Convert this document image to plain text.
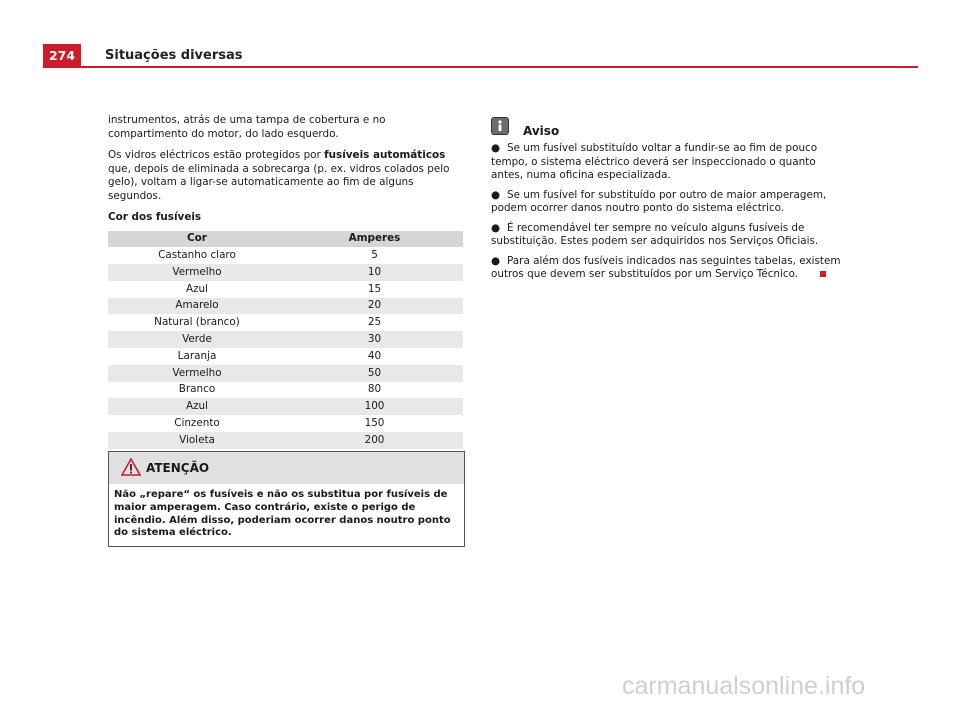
274	Situações diversas

instrumentos, atrás de uma tampa de cobertura e no compartimento do motor, do lado esquerdo.

Os vidros eléctricos estão protegidos por fusíveis automáticos que, depois de eliminada a sobrecarga (p. ex. vidros colados pelo gelo), voltam a ligar-se automaticamente ao fim de alguns segundos.

Cor dos fusíveis

Cor	Amperes
Castanho claro	5
Vermelho	10
Azul	15
Amarelo	20
Natural (branco)	25
Verde	30
Laranja	40
Vermelho	50
Branco	80
Azul	100
Cinzento	150
Violeta	200
ATENÇÃO
Não „repare“ os fusíveis e não os substitua por fusíveis de maior amperagem. Caso contrário, existe o perigo de incêndio. Além disso, poderiam ocorrer danos noutro ponto do sistema eléctrico.
Aviso

● Se um fusível substituído voltar a fundir-se ao fim de pouco tempo, o sistema eléctrico deverá ser inspeccionado o quanto antes, numa oficina especializada.

● Se um fusível for substituído por outro de maior amperagem, podem ocorrer danos noutro ponto do sistema eléctrico.

● É recomendável ter sempre no veículo alguns fusíveis de substituição. Estes podem ser adquiridos nos Serviços Oficiais.

● Para além dos fusíveis indicados nas seguintes tabelas, existem outros que devem ser substituídos por um Serviço Técnico.

carmanualsonline.info
